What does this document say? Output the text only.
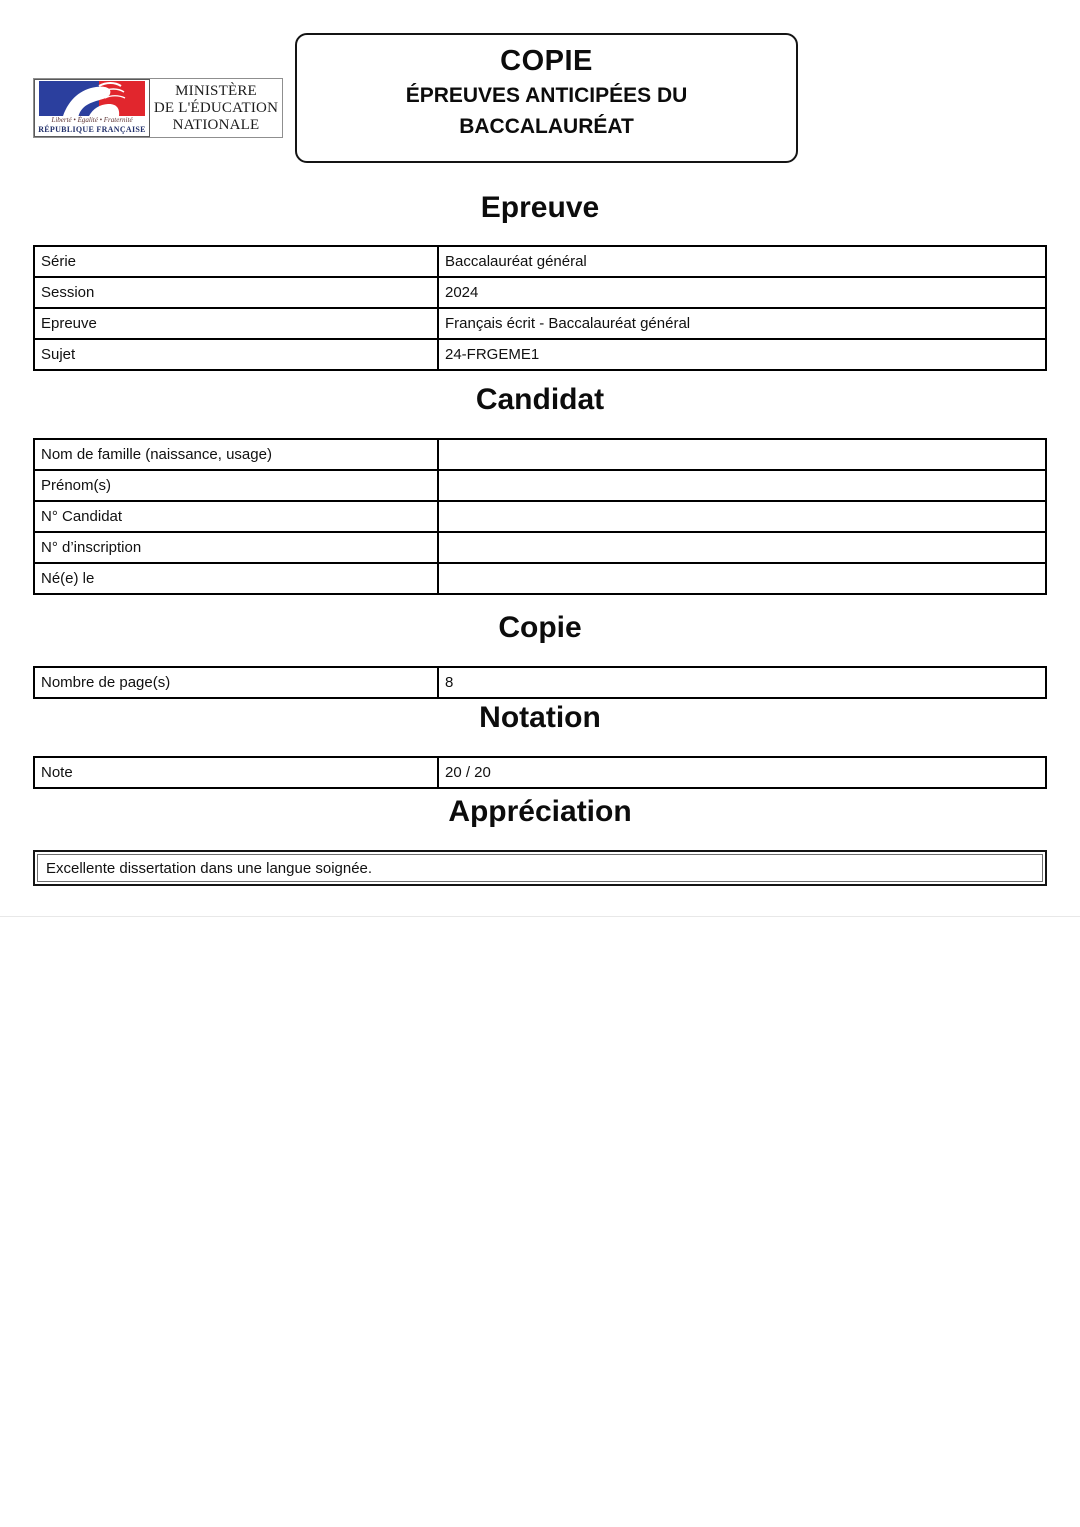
Liberté • Égalité • Fraternité
RÉPUBLIQUE FRANÇAISE
MINISTÈRE
DE L'ÉDUCATION
NATIONALE
COPIE
ÉPREUVES ANTICIPÉES DU
BACCALAURÉAT
Epreuve
Série	Baccalauréat général
Session	2024
Epreuve	Français écrit - Baccalauréat général
Sujet	24-FRGEME1
Candidat
Nom de famille (naissance, usage)	
Prénom(s)	
N° Candidat	
N° d’inscription	
Né(e) le	
Copie
Nombre de page(s)	8
Notation
Note	20 / 20
Appréciation
Excellente dissertation dans une langue soignée.
